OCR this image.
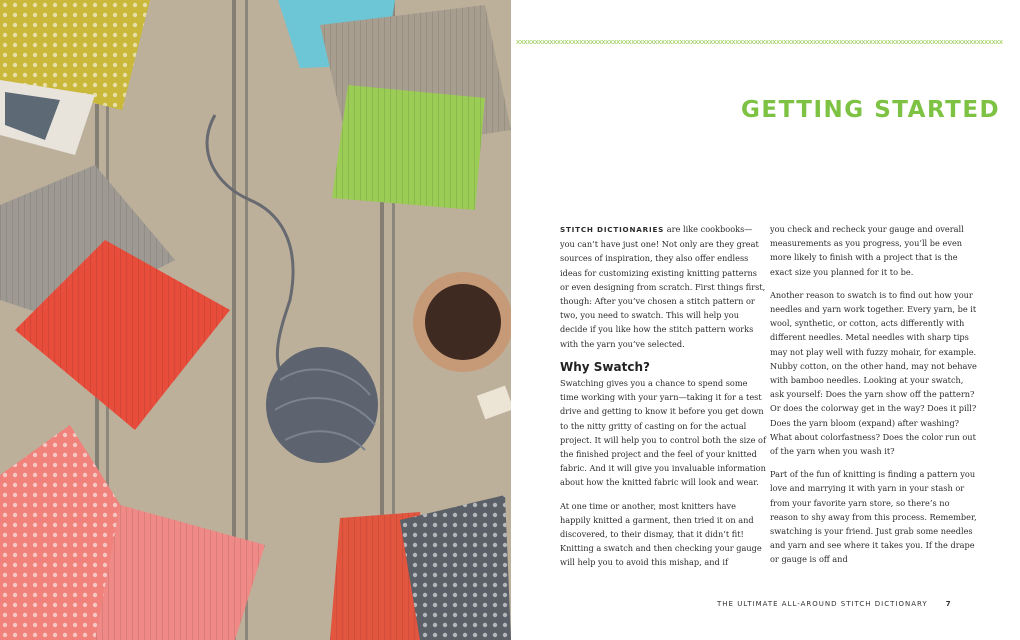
xxxxxxxxxxxxxxxxxxxxxxxxxxxxxxxxxxxxxxxxxxxxxxxxxxxxxxxxxxxxxxxxxxxxxxxxxxxxxxxxxxxxxxxxxxxxxxxxxxxxxxxxxxxxxxxxxxxxxxxxxxxxxxxxxxx
GETTING STARTED

STITCH DICTIONARIES are like cookbooks—you can’t have just one! Not only are they great sources of inspiration, they also offer endless ideas for customizing existing knitting patterns or even designing from scratch. First things first, though: After you’ve chosen a stitch pattern or two, you need to swatch. This will help you decide if you like how the stitch pattern works with the yarn you’ve selected.

Why Swatch?

Swatching gives you a chance to spend some time working with your yarn—taking it for a test drive and getting to know it before you get down to the nitty gritty of casting on for the actual project. It will help you to control both the size of the finished project and the feel of your knitted fabric. And it will give you invaluable information about how the knitted fabric will look and wear.

At one time or another, most knitters have happily knitted a garment, then tried it on and discovered, to their dismay, that it didn’t fit! Knitting a swatch and then checking your gauge will help you to avoid this mishap, and if

you check and recheck your gauge and overall measurements as you progress, you’ll be even more likely to finish with a project that is the exact size you planned for it to be.

Another reason to swatch is to find out how your needles and yarn work together. Every yarn, be it wool, synthetic, or cotton, acts differently with different needles. Metal needles with sharp tips may not play well with fuzzy mohair, for example. Nubby cotton, on the other hand, may not behave with bamboo needles. Looking at your swatch, ask yourself: Does the yarn show off the pattern? Or does the colorway get in the way? Does it pill? Does the yarn bloom (expand) after washing? What about colorfastness? Does the color run out of the yarn when you wash it?

Part of the fun of knitting is finding a pattern you love and marrying it with yarn in your stash or from your favorite yarn store, so there’s no reason to shy away from this process. Remember, swatching is your friend. Just grab some needles and yarn and see where it takes you. If the drape or gauge is off and

THE ULTIMATE ALL-AROUND STITCH DICTIONARY	7
